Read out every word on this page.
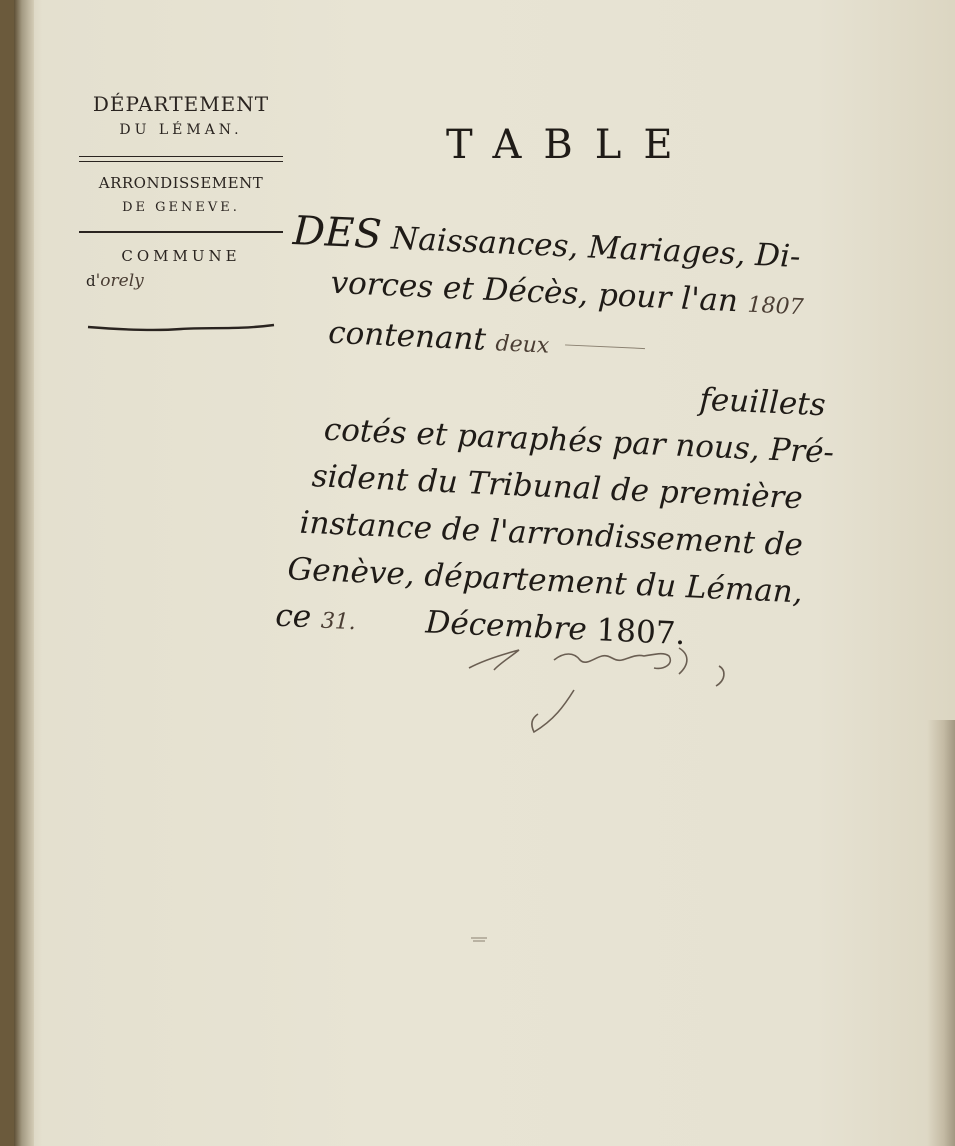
DÉPARTEMENT
DU LÉMAN.
ARRONDISSEMENT
DE GENEVE.
COMMUNE
d'orely
TABLE
DES Naissances, Mariages, Di-
vorces et Décès, pour l'an 1807
contenant deux
feuillets
cotés et paraphés par nous, Pré-
sident du Tribunal de première
instance de l'arrondissement de
Genève, département du Léman,
ce 31. Décembre 1807.
